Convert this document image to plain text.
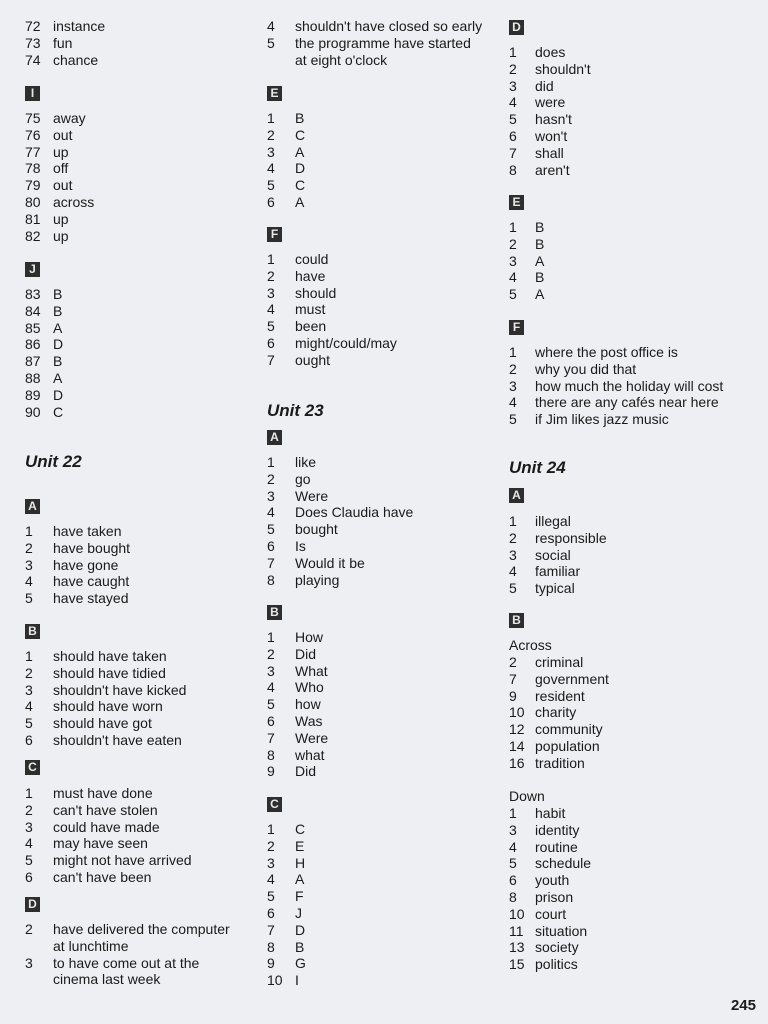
72 instance
73 fun
74 chance
I
75 away
76 out
77 up
78 off
79 out
80 across
81 up
82 up
J
83 B
84 B
85 A
86 D
87 B
88 A
89 D
90 C
Unit 22
A
1	have taken
2	have bought
3	have gone
4	have caught
5	have stayed
B
1	should have taken
2	should have tidied
3	shouldn't have kicked
4	should have worn
5	should have got
6	shouldn't have eaten
C
1	must have done
2	can't have stolen
3	could have made
4	may have seen
5	might not have arrived
6	can't have been
D
2	have delivered the computer
at lunchtime
3	to have come out at the
cinema last week
4	shouldn't have closed so early
5	the programme have started
at eight o'clock
E
1	B
2	C
3	A
4	D
5	C
6	A
F
1	could
2	have
3	should
4	must
5	been
6	might/could/may
7	ought
Unit 23
A
1	like
2	go
3	Were
4	Does Claudia have
5	bought
6	Is
7	Would it be
8	playing
B
1	How
2	Did
3	What
4	Who
5	how
6	Was
7	Were
8	what
9	Did
C
1	C
2	E
3	H
4	A
5	F
6	J
7	D
8	B
9	G
10 I
D
1	does
2	shouldn't
3	did
4	were
5	hasn't
6	won't
7	shall
8	aren't
E
1	B
2	B
3	A
4	B
5	A
F
1	where the post office is
2	why you did that
3	how much the holiday will cost
4	there are any cafés near here
5	if Jim likes jazz music
Unit 24
A
1	illegal
2	responsible
3	social
4	familiar
5	typical
B
Across
2	criminal
7	government
9	resident
10 charity
12 community
14 population
16 tradition
Down
1	habit
3	identity
4	routine
5	schedule
6	youth
8	prison
10 court
11 situation
13 society
15 politics
245
